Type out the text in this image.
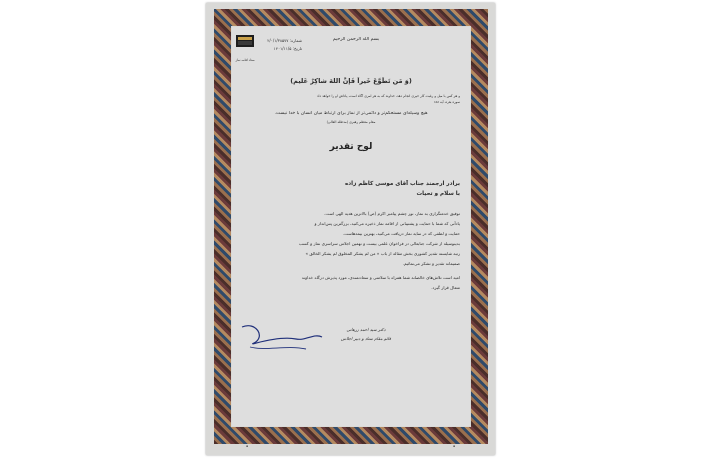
ستاد اقامه نماز
بسم الله الرحمن الرحيم
شماره: ۲/۰/۱/۳۸۵۷۷
تاریخ: ۱۴۰۱/۱۱/۵
(وَ مَن تَطَوَّعَ خَیراً فَإنَّ اللهَ شاکِرٌ عَلیم)
و هر کس با میل و رغبت کار خیری انجام دهد، خداوند که به هر امری آگاه است، پاداش او را خواهد داد
سوره بقره، آیه ۱۵۸
هیچ وسیله‌ای مستحکم‌تر و دائمی‌تر از نماز برای ارتباط میان انسان با خدا نیست.
مقام معظم رهبری (مدظله العالی)
لوح تقدیر
برادر ارجمند جناب آقای موسی کاظم زاده
با سلام و تحیات
توفیق خدمتگزاری به نماز، نور چشم پیامبر اکرم (ص) بالاترین هدیه الهی است.
یادآنی که شما با حمایت و پشتیبانی از اقامه نماز ذخیره می‌کنید، بزرگترین پس‌انداز و
حمایت و لطفی که در سایه نماز دریافت می‌کنید، بهترین بیمه‌هاست.
بدینوسیله از شرکت جنابعالی در فراخوان علمی بیست و نهمین اجلاس سراسری نماز و کسب
رتبه شایسته تقدیر کشوری بخش مقاله از باب « من لم یشکر المخلوق لم یشکر الخالق »
صمیمانه تقدیر و تشکر می‌نمائیم.
امید است تلاش‌های خالصانه شما همراه با سلامتی و سعادتمندی، مورد پذیرش درگاه خداوند
متعال قرار گیرد.
دکتر سید احمد زرهانی
قائم مقام ستاد و دبیر اجلاس
▪	▪
